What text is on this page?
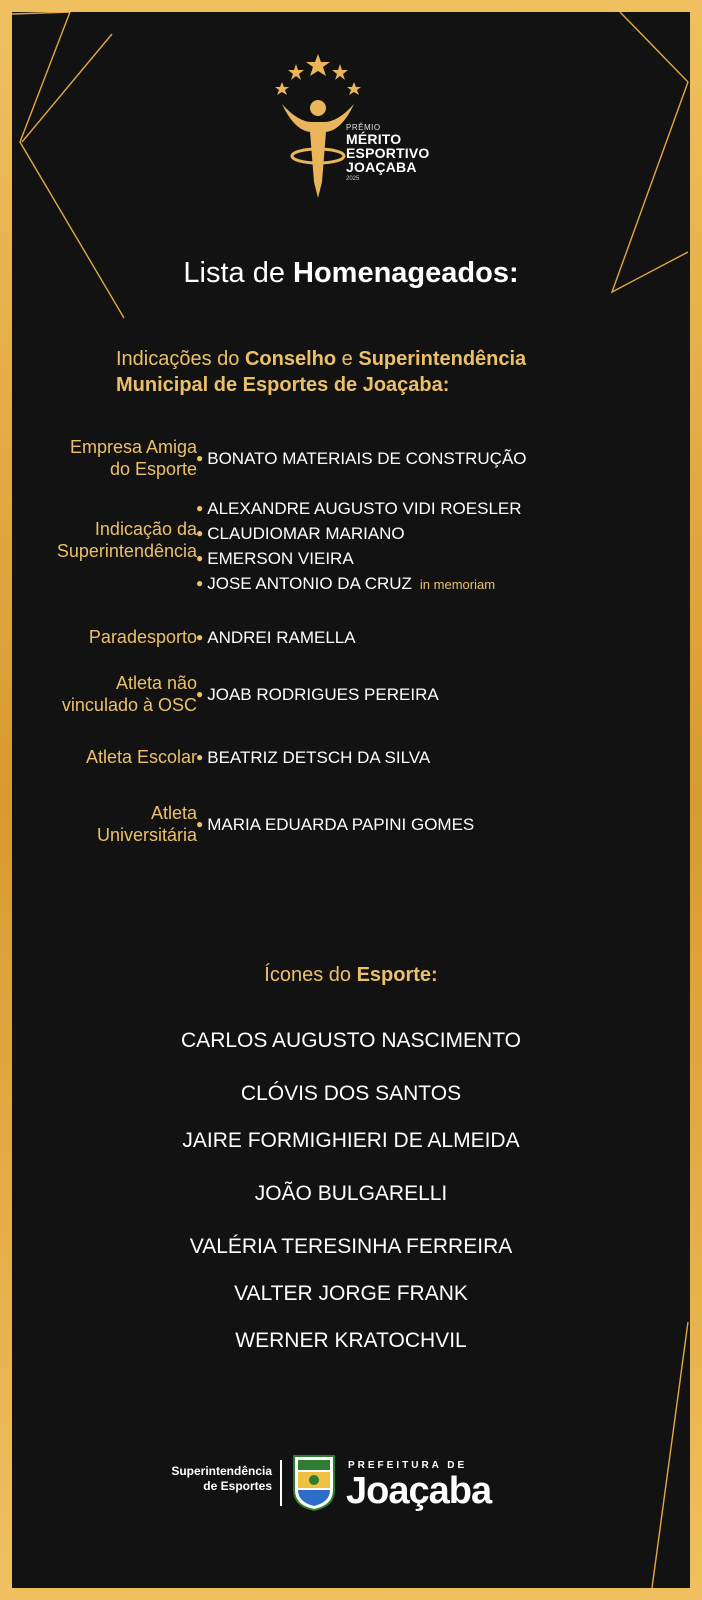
PRÊMIO
MÉRITO
ESPORTIVO
JOAÇABA
2025
Lista de Homenageados:
Indicações do Conselho e Superintendência
Municipal de Esportes de Joaçaba:
Empresa Amiga
do Esporte
● BONATO MATERIAIS DE CONSTRUÇÃO
Indicação da
Superintendência
● ALEXANDRE AUGUSTO VIDI ROESLER
● CLAUDIOMAR MARIANO
● EMERSON VIEIRA
● JOSE ANTONIO DA CRUZ in memoriam
Paradesporto ● ANDREI RAMELLA
Atleta não
vinculado à OSC
● JOAB RODRIGUES PEREIRA
Atleta Escolar ● BEATRIZ DETSCH DA SILVA
Atleta
Universitária
● MARIA EDUARDA PAPINI GOMES
Ícones do Esporte:
CARLOS AUGUSTO NASCIMENTO
CLÓVIS DOS SANTOS
JAIRE FORMIGHIERI DE ALMEIDA
JOÃO BULGARELLI
VALÉRIA TERESINHA FERREIRA
VALTER JORGE FRANK
WERNER KRATOCHVIL
Superintendência
de Esportes
PREFEITURA DE
Joaçaba
